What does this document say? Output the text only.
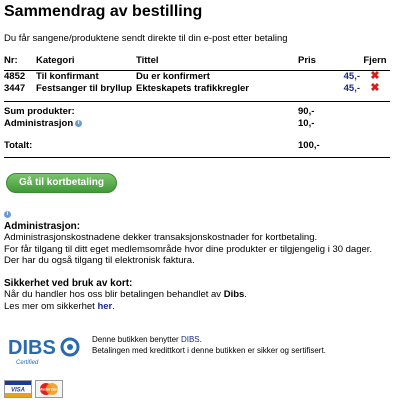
Sammendrag av bestilling
Du får sangene/produktene sendt direkte til din e-post etter betaling
Nr:	Kategori	Tittel	Pris	Fjern
4852	Til konfirmant	Du er konfirmert	45,-	✖
3447	Festsanger til bryllup	Ekteskapets trafikkregler	45,-	✖
Sum produkter:	90,-
Administrasjon i	10,-

Totalt:	100,-
Gå til kortbetaling
i
Administrasjon:
Administrasjonskostnadene dekker transaksjonskostnader for kortbetaling.
For får tilgang til ditt eget medlemsområde hvor dine produkter er tilgjengelig i 30 dager.
Der har du også tilgang til elektronisk faktura.
Sikkerhet ved bruk av kort:
Når du handler hos oss blir betalingen behandlet av Dibs.
Les mer om sikkerhet her.
DIBS
Certified
Denne butikken benytter DIBS.
Betalingen med kredittkort i denne butikken er sikker og sertifisert.
VISA	MasterCard
